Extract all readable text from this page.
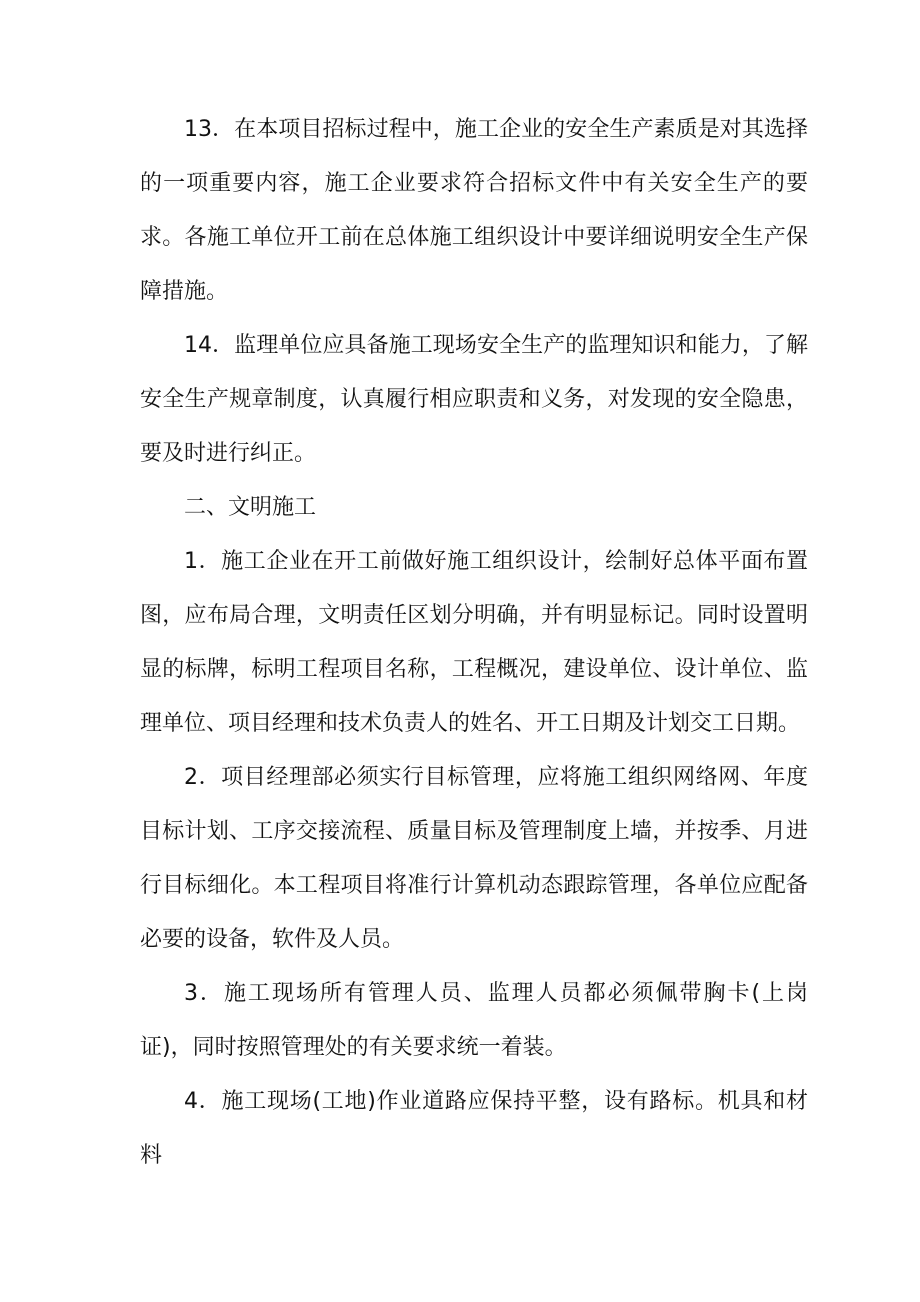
13．在本项目招标过程中，施工企业的安全生产素质是对其选择的一项重要内容，施工企业要求符合招标文件中有关安全生产的要求。各施工单位开工前在总体施工组织设计中要详细说明安全生产保障措施。

14．监理单位应具备施工现场安全生产的监理知识和能力，了解安全生产规章制度，认真履行相应职责和义务，对发现的安全隐患，要及时进行纠正。

二、文明施工

1．施工企业在开工前做好施工组织设计，绘制好总体平面布置图，应布局合理，文明责任区划分明确，并有明显标记。同时设置明显的标牌，标明工程项目名称，工程概况，建设单位、设计单位、监理单位、项目经理和技术负责人的姓名、开工日期及计划交工日期。

2．项目经理部必须实行目标管理，应将施工组织网络网、年度目标计划、工序交接流程、质量目标及管理制度上墙，并按季、月进行目标细化。本工程项目将准行计算机动态跟踪管理，各单位应配备必要的设备，软件及人员。

3．施工现场所有管理人员、监理人员都必须佩带胸卡(上岗证)，同时按照管理处的有关要求统一着装。

4．施工现场(工地)作业道路应保持平整，设有路标。机具和材料
